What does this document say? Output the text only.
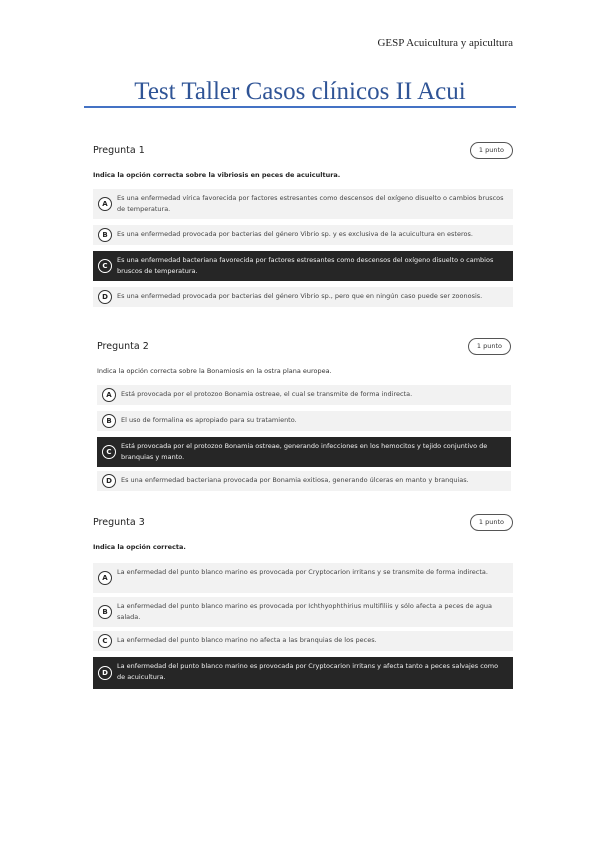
GESP Acuicultura y apicultura
Test Taller Casos clínicos II Acui
Pregunta 1	1 punto
Indica la opción correcta sobre la vibriosis en peces de acuicultura.
A
Es una enfermedad vírica favorecida por factores estresantes como descensos del oxígeno disuelto o cambios bruscos de temperatura.
B	Es una enfermedad provocada por bacterias del género Vibrio sp. y es exclusiva de la acuicultura en esteros.
C
Es una enfermedad bacteriana favorecida por factores estresantes como descensos del oxígeno disuelto o cambios bruscos de temperatura.
D	Es una enfermedad provocada por bacterias del género Vibrio sp., pero que en ningún caso puede ser zoonosis.
Pregunta 2	1 punto
Indica la opción correcta sobre la Bonamiosis en la ostra plana europea.
A	Está provocada por el protozoo Bonamia ostreae, el cual se transmite de forma indirecta.
B	El uso de formalina es apropiado para su tratamiento.
C
Está provocada por el protozoo Bonamia ostreae, generando infecciones en los hemocitos y tejido conjuntivo de branquias y manto.
D	Es una enfermedad bacteriana provocada por Bonamia exitiosa, generando úlceras en manto y branquias.
Pregunta 3	1 punto
Indica la opción correcta.
A
La enfermedad del punto blanco marino es provocada por Cryptocarion irritans y se transmite de forma indirecta.
B
La enfermedad del punto blanco marino es provocada por Ichthyophthirius multifiliis y sólo afecta a peces de agua salada.
C	La enfermedad del punto blanco marino no afecta a las branquias de los peces.
D
La enfermedad del punto blanco marino es provocada por Cryptocarion irritans y afecta tanto a peces salvajes como de acuicultura.
